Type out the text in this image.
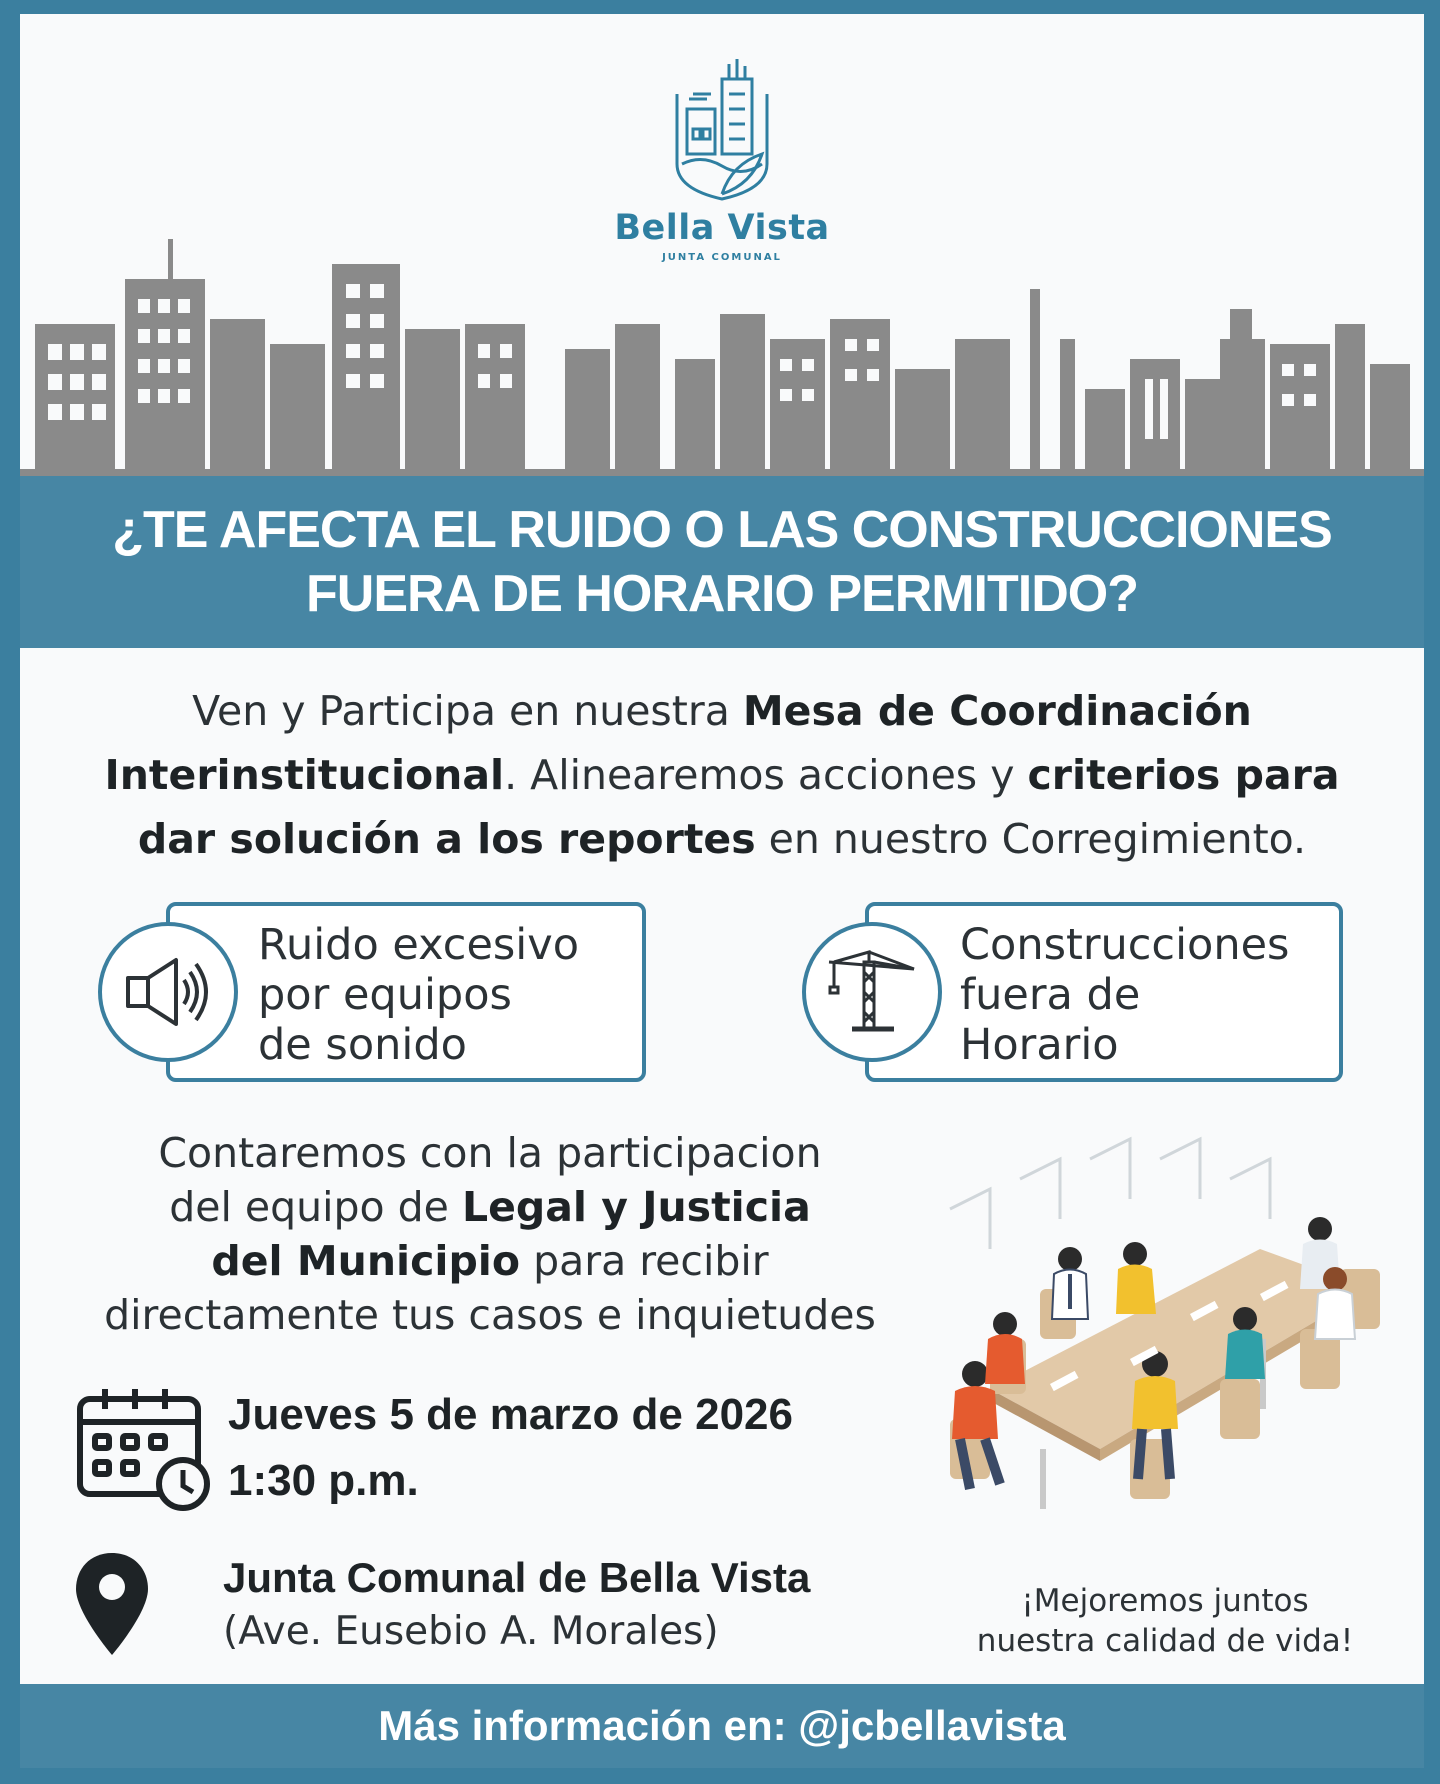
Bella Vista
JUNTA COMUNAL
¿TE AFECTA EL RUIDO O LAS CONSTRUCCIONES
FUERA DE HORARIO PERMITIDO?
Ven y Participa en nuestra Mesa de Coordinación
Interinstitucional. Alinearemos acciones y criterios para
dar solución a los reportes en nuestro Corregimiento.
Ruido excesivo
por equipos
de sonido
Construcciones
fuera de
Horario
Contaremos con la participacion
del equipo de Legal y Justicia
del Municipio para recibir
directamente tus casos e inquietudes
Jueves 5 de marzo de 2026
1:30 p.m.
Junta Comunal de Bella Vista
(Ave. Eusebio A. Morales)
¡Mejoremos juntos
nuestra calidad de vida!
Más información en: @jcbellavista
